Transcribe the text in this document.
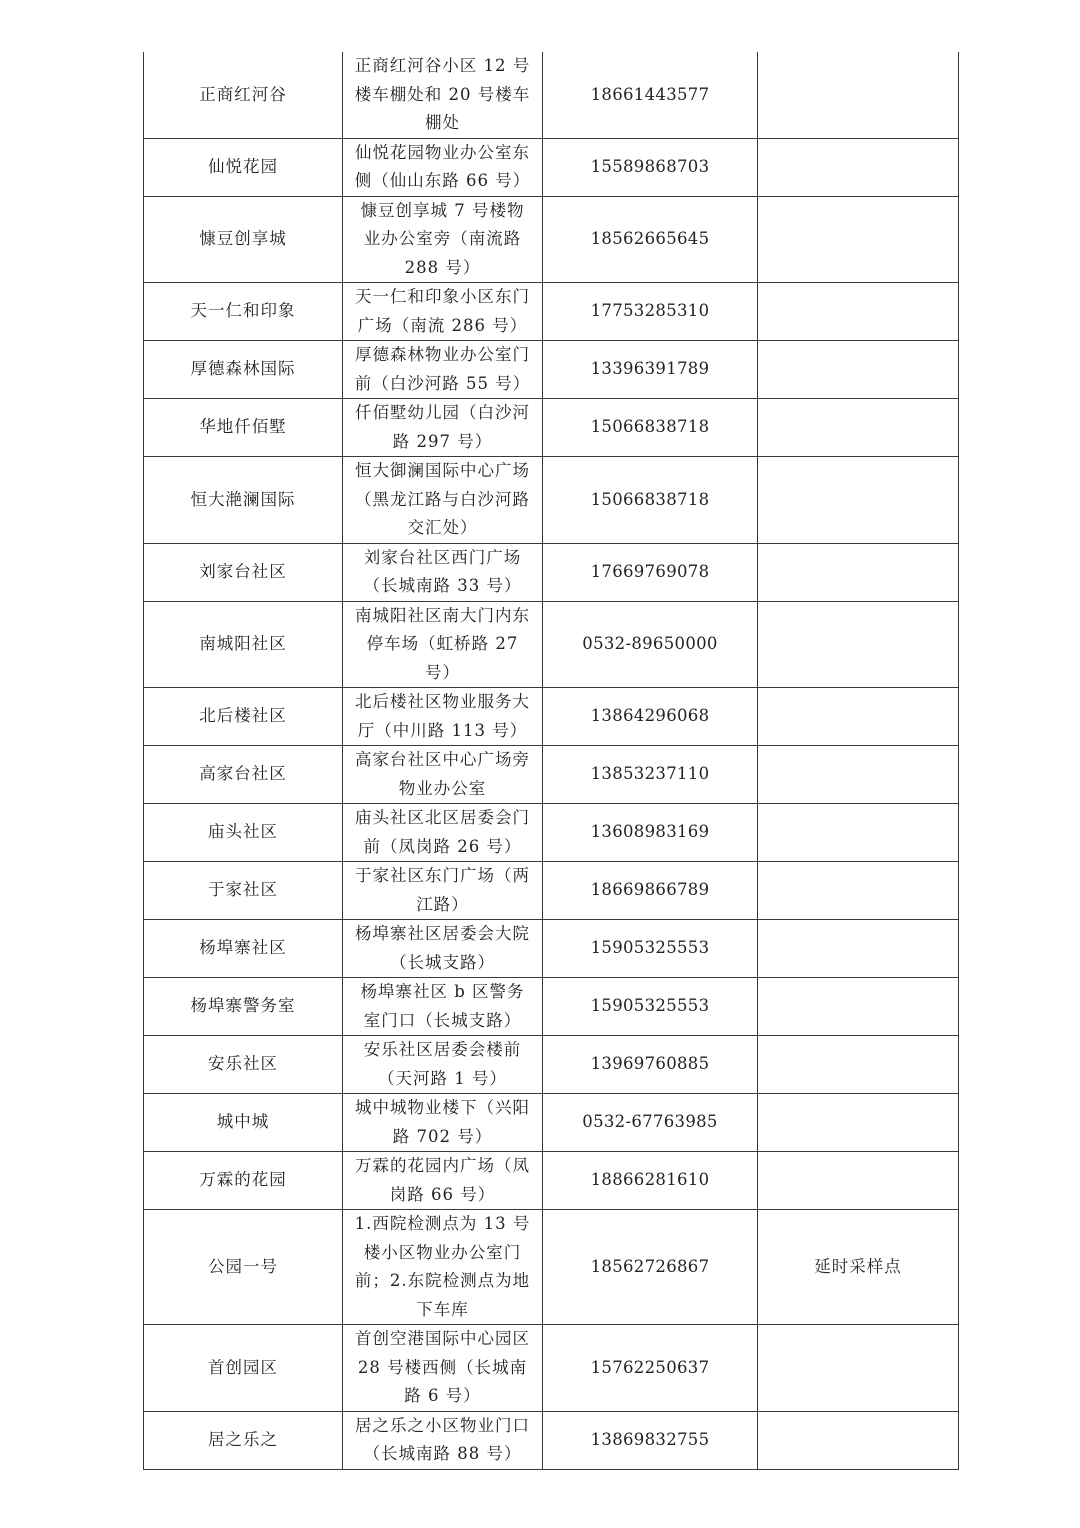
正商红河谷	正商红河谷小区 12 号楼车棚处和 20 号楼车棚处	18661443577	
仙悦花园	仙悦花园物业办公室东侧（仙山东路 66 号）	15589868703	
慷豆创享城	慷豆创享城 7 号楼物业办公室旁（南流路 288 号）	18562665645	
天一仁和印象	天一仁和印象小区东门广场（南流 286 号）	17753285310	
厚德森林国际	厚德森林物业办公室门前（白沙河路 55 号）	13396391789	
华地仟佰墅	仟佰墅幼儿园（白沙河路 297 号）	15066838718	
恒大滟澜国际	恒大御澜国际中心广场（黑龙江路与白沙河路交汇处）	15066838718	
刘家台社区	刘家台社区西门广场（长城南路 33 号）	17669769078	
南城阳社区	南城阳社区南大门内东停车场（虹桥路 27 号）	0532-89650000	
北后楼社区	北后楼社区物业服务大厅（中川路 113 号）	13864296068	
高家台社区	高家台社区中心广场旁物业办公室	13853237110	
庙头社区	庙头社区北区居委会门前（凤岗路 26 号）	13608983169	
于家社区	于家社区东门广场（两江路）	18669866789	
杨埠寨社区	杨埠寨社区居委会大院（长城支路）	15905325553	
杨埠寨警务室	杨埠寨社区 b 区警务室门口（长城支路）	15905325553	
安乐社区	安乐社区居委会楼前（天河路 1 号）	13969760885	
城中城	城中城物业楼下（兴阳路 702 号）	0532-67763985	
万霖的花园	万霖的花园内广场（凤岗路 66 号）	18866281610	
公园一号	1.西院检测点为 13 号楼小区物业办公室门前；2.东院检测点为地下车库	18562726867	延时采样点
首创园区	首创空港国际中心园区 28 号楼西侧（长城南路 6 号）	15762250637	
居之乐之	居之乐之小区物业门口（长城南路 88 号）	13869832755	
